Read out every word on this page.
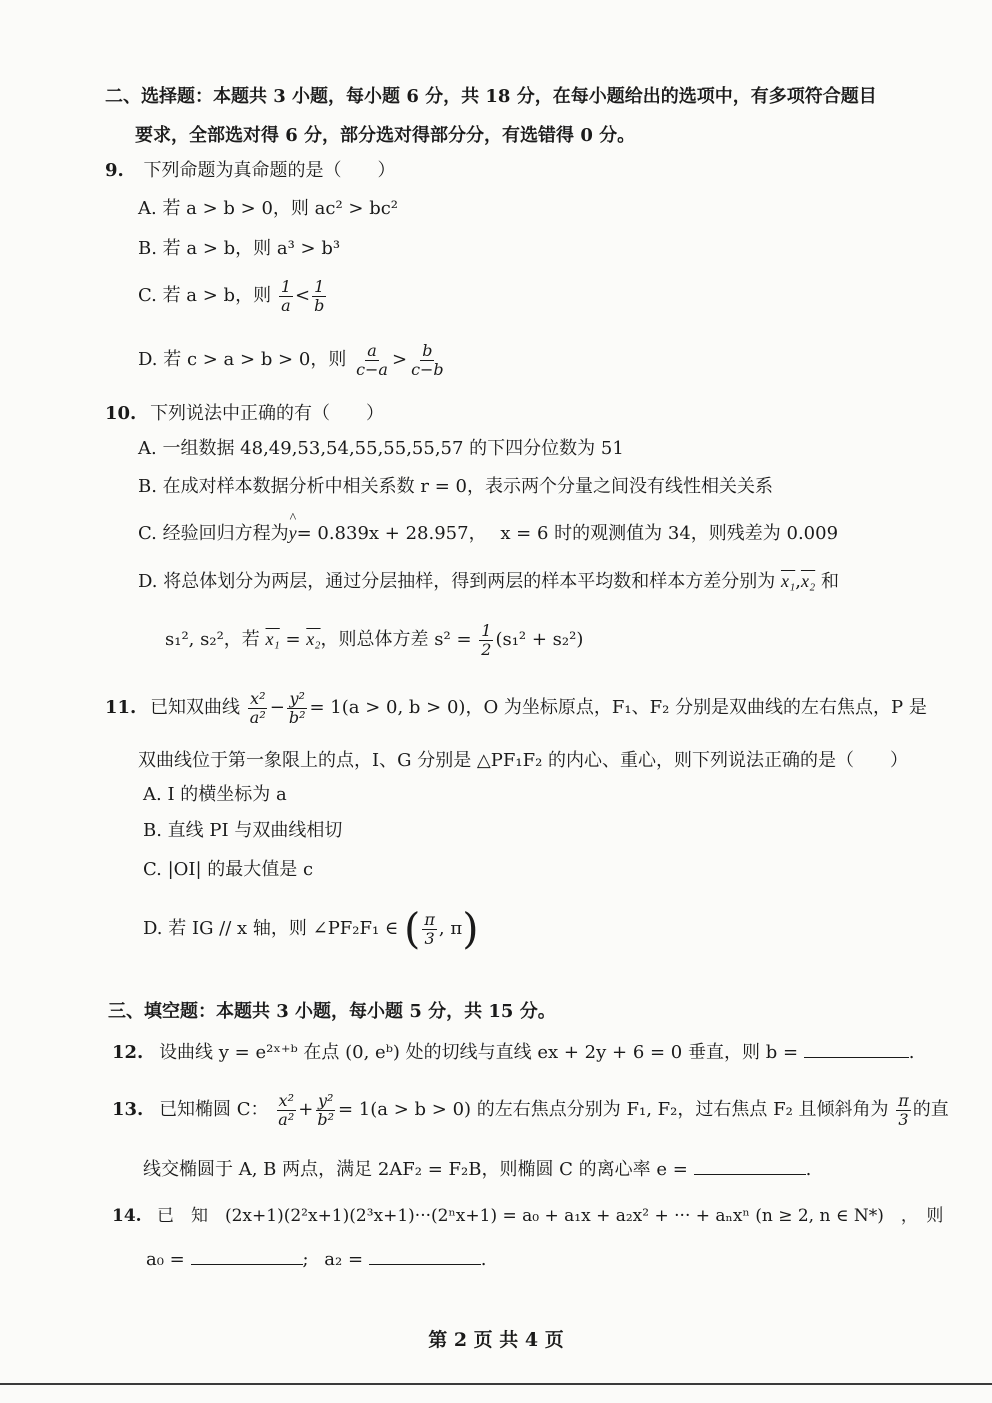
二、选择题：本题共 3 小题，每小题 6 分，共 18 分，在每小题给出的选项中，有多项符合题目
要求，全部选对得 6 分，部分选对得部分分，有选错得 0 分。
9. 下列命题为真命题的是（　　）
A. 若 a > b > 0，则 ac² > bc²
B. 若 a > b，则 a³ > b³
C. 若 a > b，则 $\frac{1}{a} < \frac{1}{b}$
D. 若 c > a > b > 0，则 $\frac{a}{c-a} > \frac{b}{c-b}$
10. 下列说法中正确的有（　　）
A. 一组数据 48,49,53,54,55,55,55,57 的下四分位数为 51
B. 在成对样本数据分析中相关系数 r = 0，表示两个分量之间没有线性相关关系
C. 经验回归方程为^ y= 0.839x + 28.957， x = 6 时的观测值为 34，则残差为 0.009
D. 将总体划分为两层，通过分层抽样，得到两层的样本平均数和样本方差分别为 x₁,x₂ 和
s₁², s₂²，若 x₁ = x₂，则总体方差 $s^2 = \frac{1}{2} (s_1^2 + s_2^2)$
11. 已知双曲线 $\frac{\text{x²}}{\text{a²}} - \frac{\text{y²}}{\text{b²}} = 1(a > 0$, b > 0)，O 为坐标原点，F₁、F₂ 分别是双曲线的左右焦点，P 是
双曲线位于第一象限上的点，I、G 分别是 △PF₁F₂ 的内心、重心，则下列说法正确的是（　　）
A. I 的横坐标为 a
B. 直线 PI 与双曲线相切
C. |OI| 的最大值是 c
D. 若 IG // x 轴，则 ∠PF₂F₁ ∈ ( $\frac{\pi}{3}$ , π)
三、填空题：本题共 3 小题，每小题 5 分，共 15 分。
12. 设曲线 y = e²ˣ⁺ᵇ 在点 (0, eᵇ) 处的切线与直线 ex + 2y + 6 = 0 垂直，则 b =	.
13. 已知椭圆 C： $\frac{\text{x²}}{\text{a²}} + \frac{\text{y²}}{\text{b²}} = 1(a > b > 0)$ 的左右焦点分别为 F₁, F₂，过右焦点 F₂ 且倾斜角为 $\frac{\pi}{3}$ 的直
线交椭圆于 A, B 两点，满足 2AF₂ = F₂B，则椭圆 C 的离心率 e =	.
14. 已　知　(2x+1)(2²x+1)(2³x+1)···(2ⁿx+1) = a₀ + a₁x + a₂x² + ··· + aₙxⁿ (n ≥ 2, n ∈ N*)　，　则
a₀ =	; a₂ =	.
第 2 页 共 4 页
